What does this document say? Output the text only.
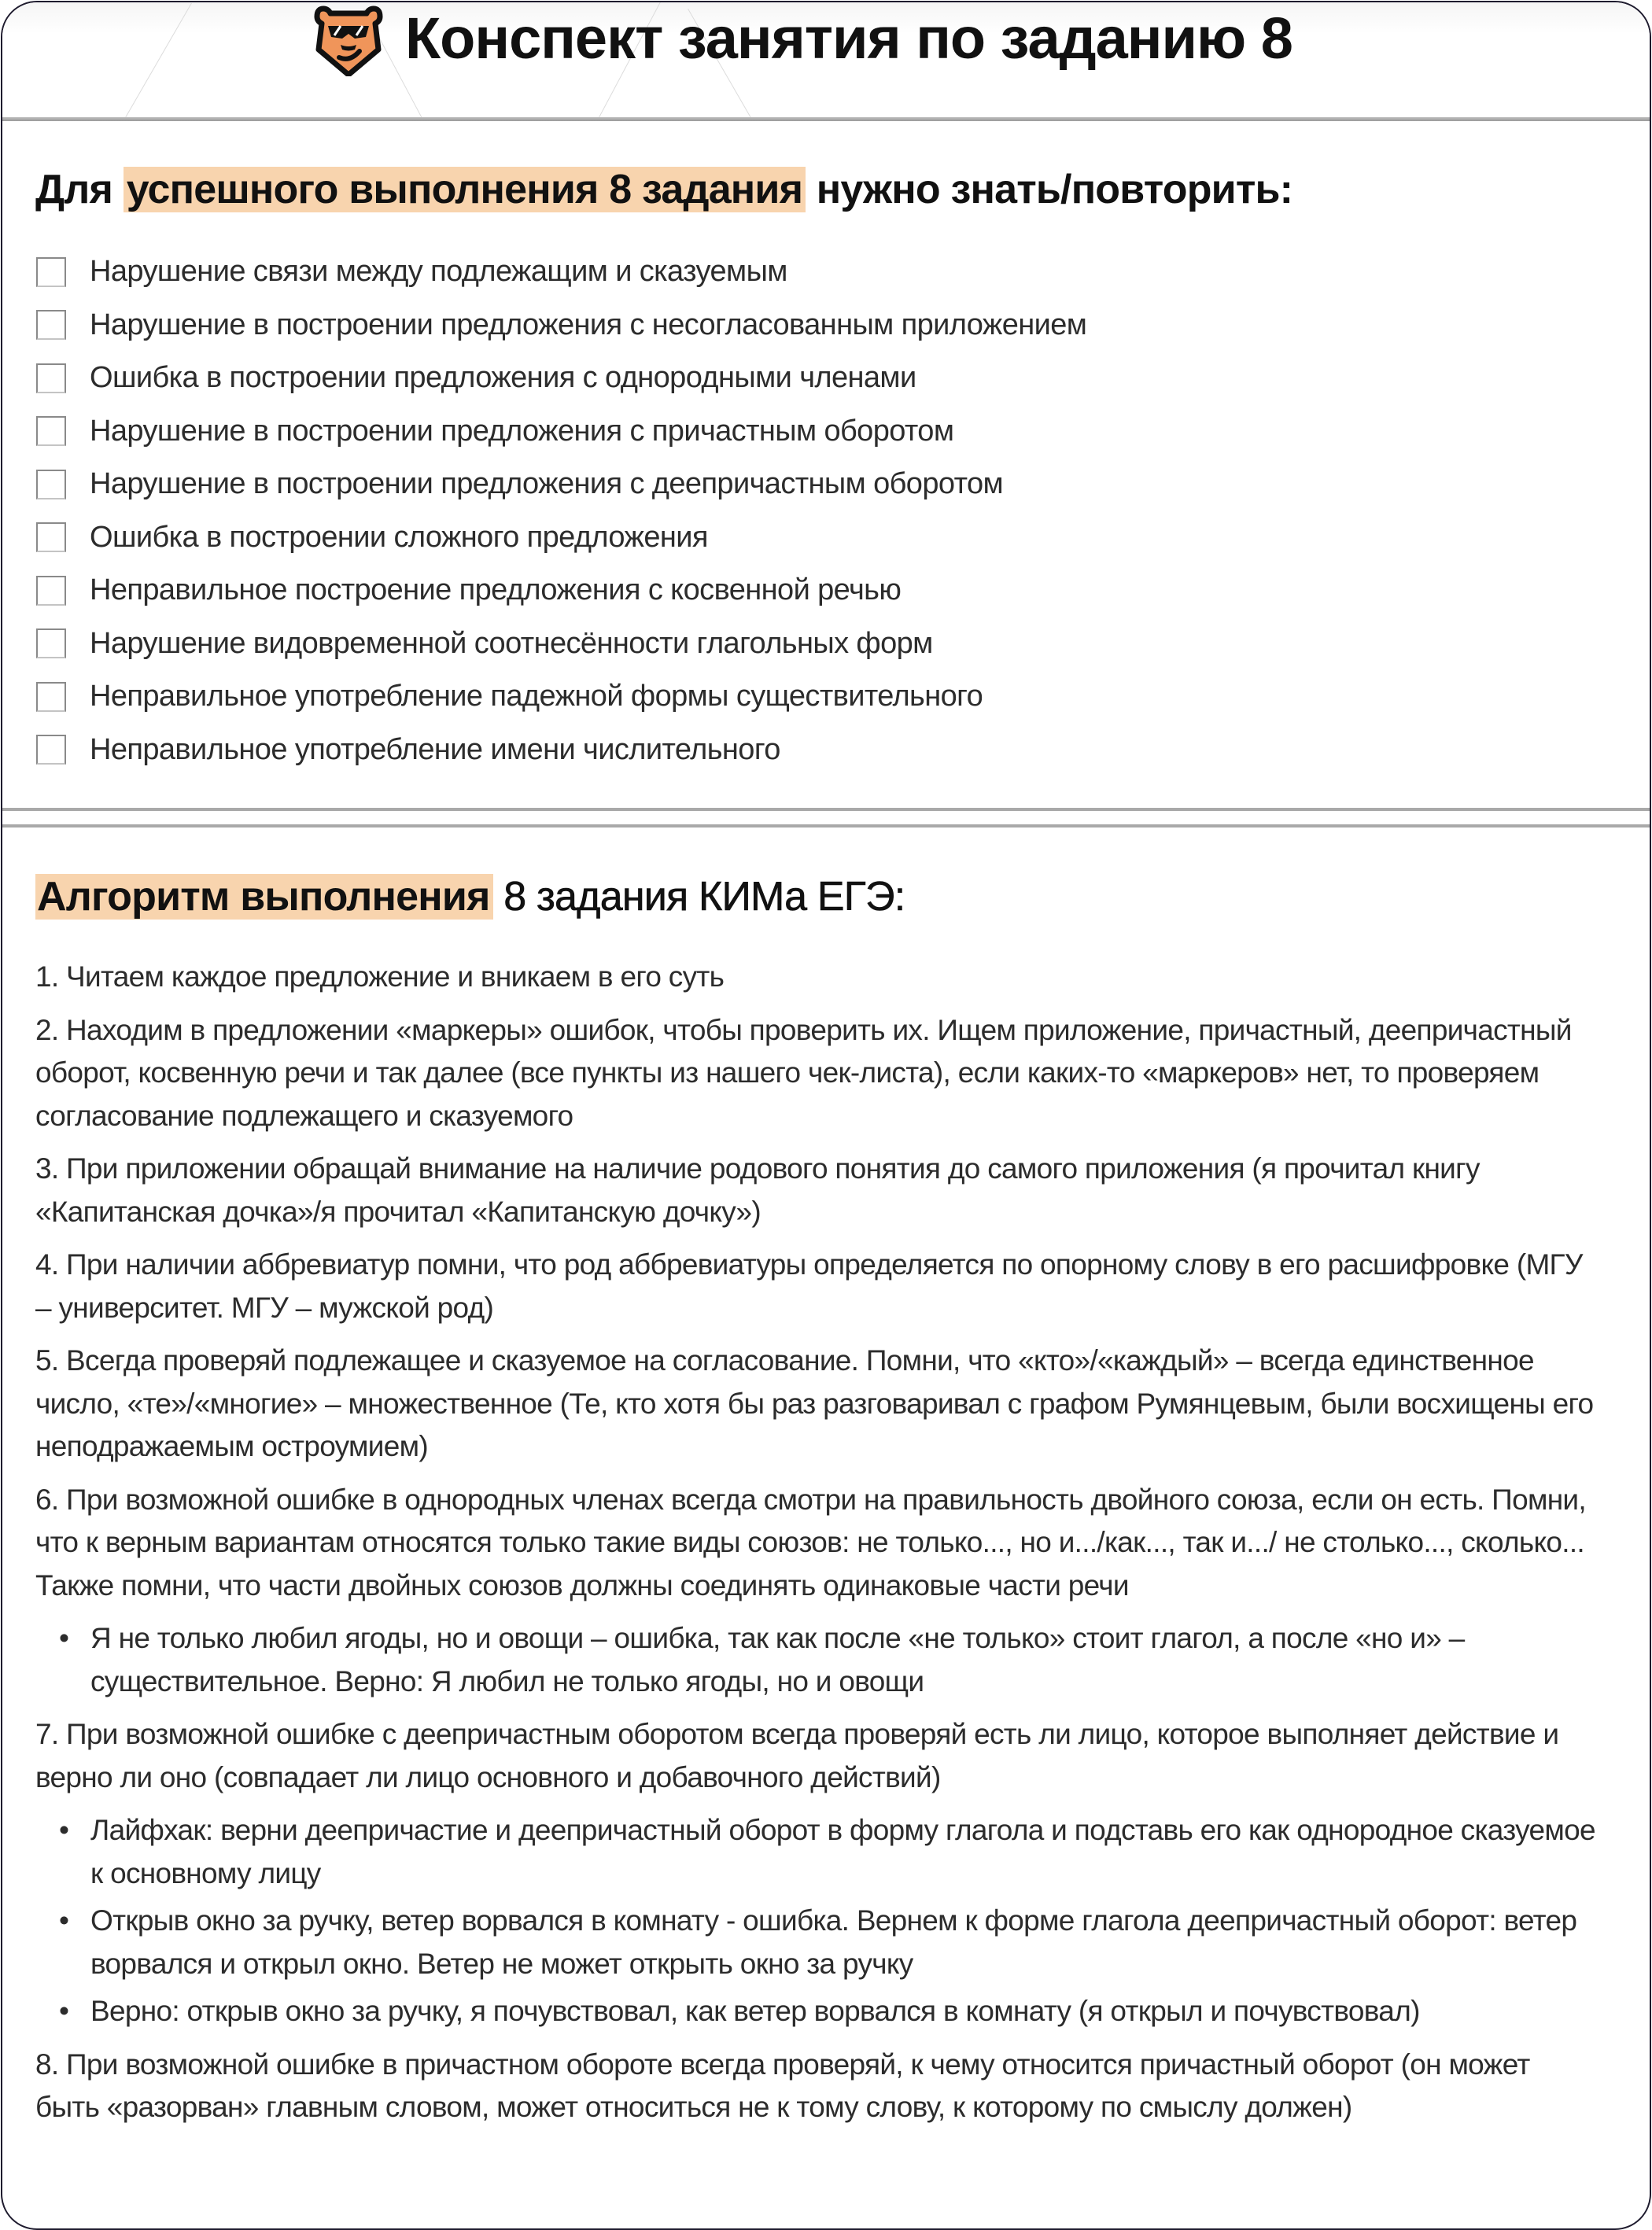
Конспект занятия по заданию 8
Для успешного выполнения 8 задания нужно знать/повторить:
Нарушение связи между подлежащим и сказуемым
Нарушение в построении предложения с несогласованным приложением
Ошибка в построении предложения с однородными членами
Нарушение в построении предложения с причастным оборотом
Нарушение в построении предложения с деепричастным оборотом
Ошибка в построении сложного предложения
Неправильное построение предложения с косвенной речью
Нарушение видовременной соотнесённости глагольных форм
Неправильное употребление падежной формы существительного
Неправильное употребление имени числительного
Алгоритм выполнения 8 задания КИМа ЕГЭ:
1. Читаем каждое предложение и вникаем в его суть
2. Находим в предложении «маркеры» ошибок, чтобы проверить их. Ищем приложение, причастный, деепричастный оборот, косвенную речи и так далее (все пункты из нашего чек-листа), если каких-то «маркеров» нет, то проверяем согласование подлежащего и сказуемого
3. При приложении обращай внимание на наличие родового понятия до самого приложения (я прочитал книгу «Капитанская дочка»/я прочитал «Капитанскую дочку»)
4. При наличии аббревиатур помни, что род аббревиатуры определяется по опорному слову в его расшифровке (МГУ – университет. МГУ – мужской род)
5. Всегда проверяй подлежащее и сказуемое на согласование. Помни, что «кто»/«каждый» – всегда единственное число, «те»/«многие» – множественное (Те, кто хотя бы раз разговаривал с графом Румянцевым, были восхищены его неподражаемым остроумием)
6. При возможной ошибке в однородных членах всегда смотри на правильность двойного союза, если он есть. Помни, что к верным вариантам относятся только такие виды союзов: не только..., но и.../как..., так и.../ не столько..., сколько... Также помни, что части двойных союзов должны соединять одинаковые части речи
• Я не только любил ягоды, но и овощи – ошибка, так как после «не только» стоит глагол, а после «но и» – существительное. Верно: Я любил не только ягоды, но и овощи
7. При возможной ошибке с деепричастным оборотом всегда проверяй есть ли лицо, которое выполняет действие и верно ли оно (совпадает ли лицо основного и добавочного действий)
• Лайфхак: верни деепричастие и деепричастный оборот в форму глагола и подставь его как однородное сказуемое к основному лицу
• Открыв окно за ручку, ветер ворвался в комнату - ошибка. Вернем к форме глагола деепричастный оборот: ветер ворвался и открыл окно. Ветер не может открыть окно за ручку
• Верно: открыв окно за ручку, я почувствовал, как ветер ворвался в комнату (я открыл и почувствовал)
8. При возможной ошибке в причастном обороте всегда проверяй, к чему относится причастный оборот (он может быть «разорван» главным словом, может относиться не к тому слову, к которому по смыслу должен)
